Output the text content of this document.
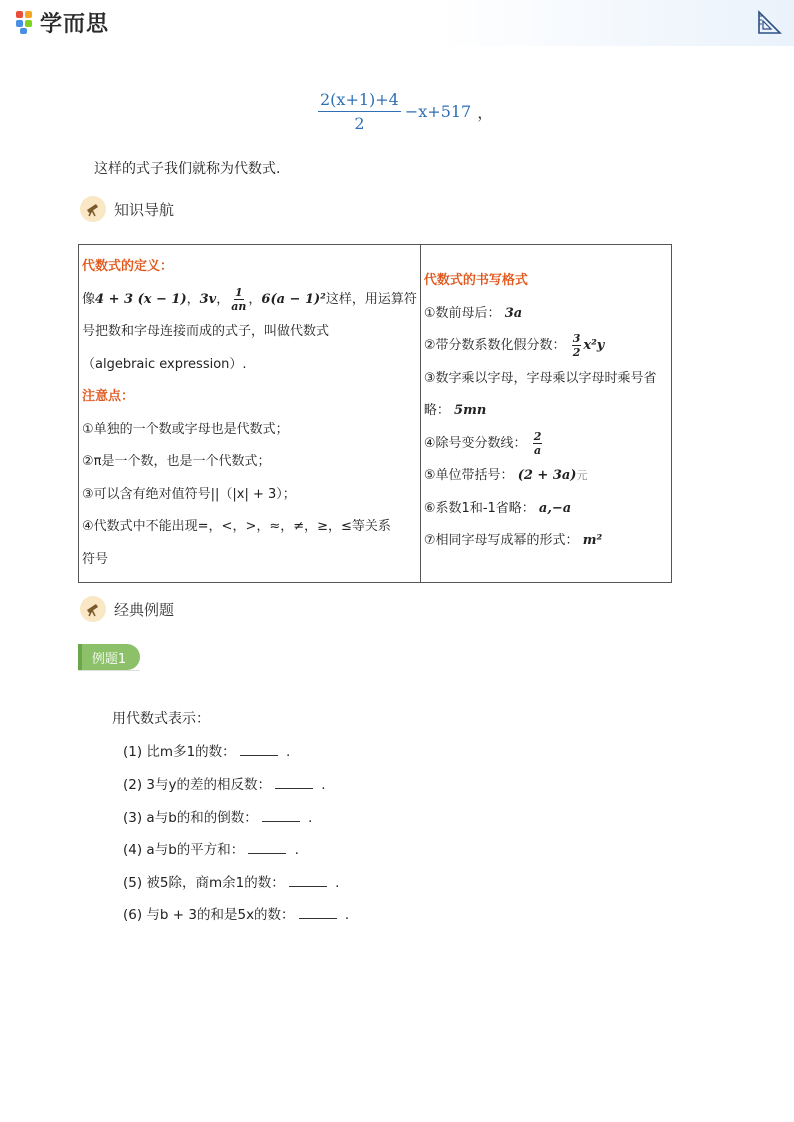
学而思
$\frac{2(x+1)+4}{2} -x+517$ ，
这样的式子我们就称为代数式.
知识导航
代数式的定义：
像4 + 3 (x − 1)，3v， $\frac{1}{an}$ ，6(a − 1)²这样，用运算符
号把数和字母连接而成的式子，叫做代数式
（algebraic expression）.
注意点：
①单独的一个数或字母也是代数式；
②π是一个数，也是一个代数式；
③可以含有绝对值符号||（|x| + 3）；
④代数式中不能出现=，<，>，≈，≠，≥，≤等关系
符号

代数式的书写格式
①数前母后： 3a
②带分数系数化假分数： $\frac{3}{2} x^2y$
③数字乘以字母，字母乘以字母时乘号省
略： 5mn
④除号变分数线： $\frac{2}{a}$
⑤单位带括号： (2 + 3a)元
⑥系数1和-1省略： a,−a
⑦相同字母写成幂的形式： m²
经典例题
例题1
用代数式表示：
(1) 比m多1的数：	.
(2) 3与y的差的相反数：	.
(3) a与b的和的倒数：	.
(4) a与b的平方和：	.
(5) 被5除，商m余1的数：	.
(6) 与b + 3的和是5x的数：	.
